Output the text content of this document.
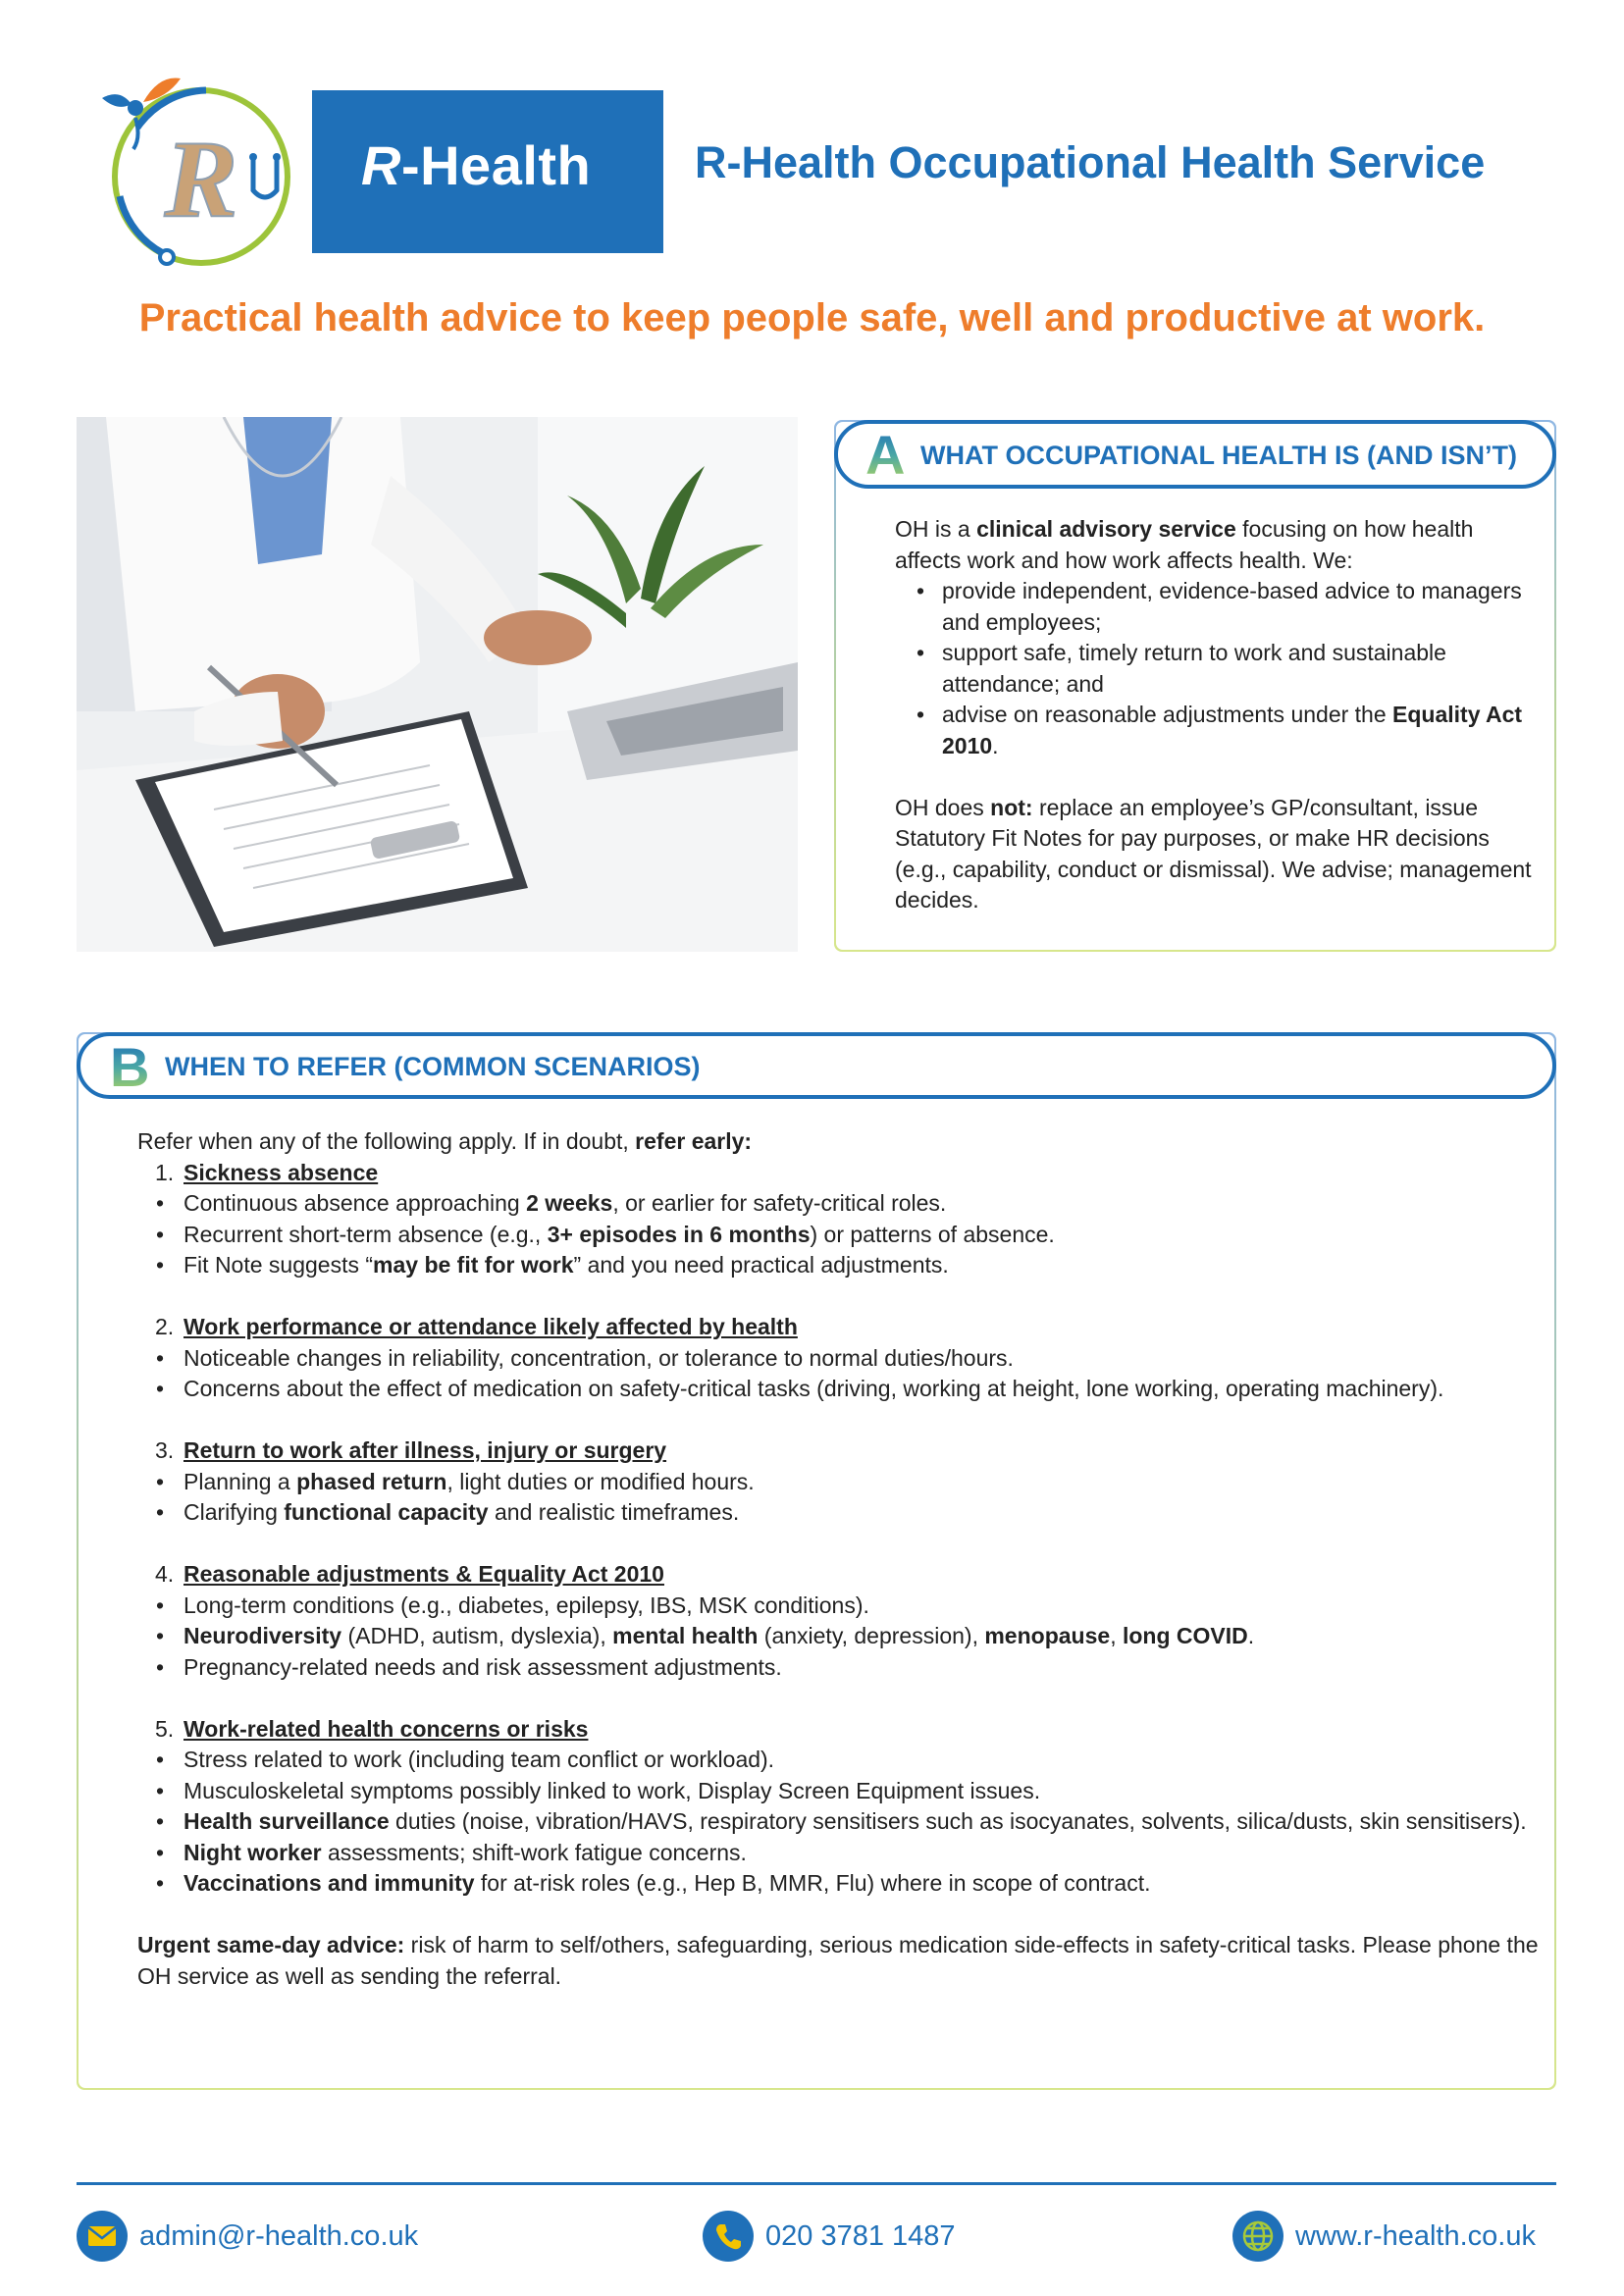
R R-Health R-Health Occupational Health Service
Practical health advice to keep people safe, well and productive at work.
A WHAT OCCUPATIONAL HEALTH IS (AND ISN’T)

OH is a clinical advisory service focusing on how health affects work and how work affects health. We:

• provide independent, evidence-based advice to managers and employees;
• support safe, timely return to work and sustainable attendance; and
• advise on reasonable adjustments under the Equality Act 2010.

OH does not: replace an employee’s GP/consultant, issue Statutory Fit Notes for pay purposes, or make HR decisions (e.g., capability, conduct or dismissal). We advise; management decides.

B WHEN TO REFER (COMMON SCENARIOS)

Refer when any of the following apply. If in doubt, refer early:

1. Sickness absence

• Continuous absence approaching 2 weeks, or earlier for safety-critical roles.
• Recurrent short-term absence (e.g., 3+ episodes in 6 months) or patterns of absence.
• Fit Note suggests “may be fit for work” and you need practical adjustments.

2. Work performance or attendance likely affected by health

• Noticeable changes in reliability, concentration, or tolerance to normal duties/hours.
• Concerns about the effect of medication on safety-critical tasks (driving, working at height, lone working, operating machinery).

3. Return to work after illness, injury or surgery

• Planning a phased return, light duties or modified hours.
• Clarifying functional capacity and realistic timeframes.

4. Reasonable adjustments & Equality Act 2010

• Long-term conditions (e.g., diabetes, epilepsy, IBS, MSK conditions).
• Neurodiversity (ADHD, autism, dyslexia), mental health (anxiety, depression), menopause, long COVID.
• Pregnancy-related needs and risk assessment adjustments.

5. Work-related health concerns or risks

• Stress related to work (including team conflict or workload).
• Musculoskeletal symptoms possibly linked to work, Display Screen Equipment issues.
• Health surveillance duties (noise, vibration/HAVS, respiratory sensitisers such as isocyanates, solvents, silica/dusts, skin sensitisers).
• Night worker assessments; shift-work fatigue concerns.
• Vaccinations and immunity for at-risk roles (e.g., Hep B, MMR, Flu) where in scope of contract.

Urgent same-day advice: risk of harm to self/others, safeguarding, serious medication side-effects in safety-critical tasks. Please phone the OH service as well as sending the referral.

admin@r-health.co.uk	020 3781 1487	www.r-health.co.uk
